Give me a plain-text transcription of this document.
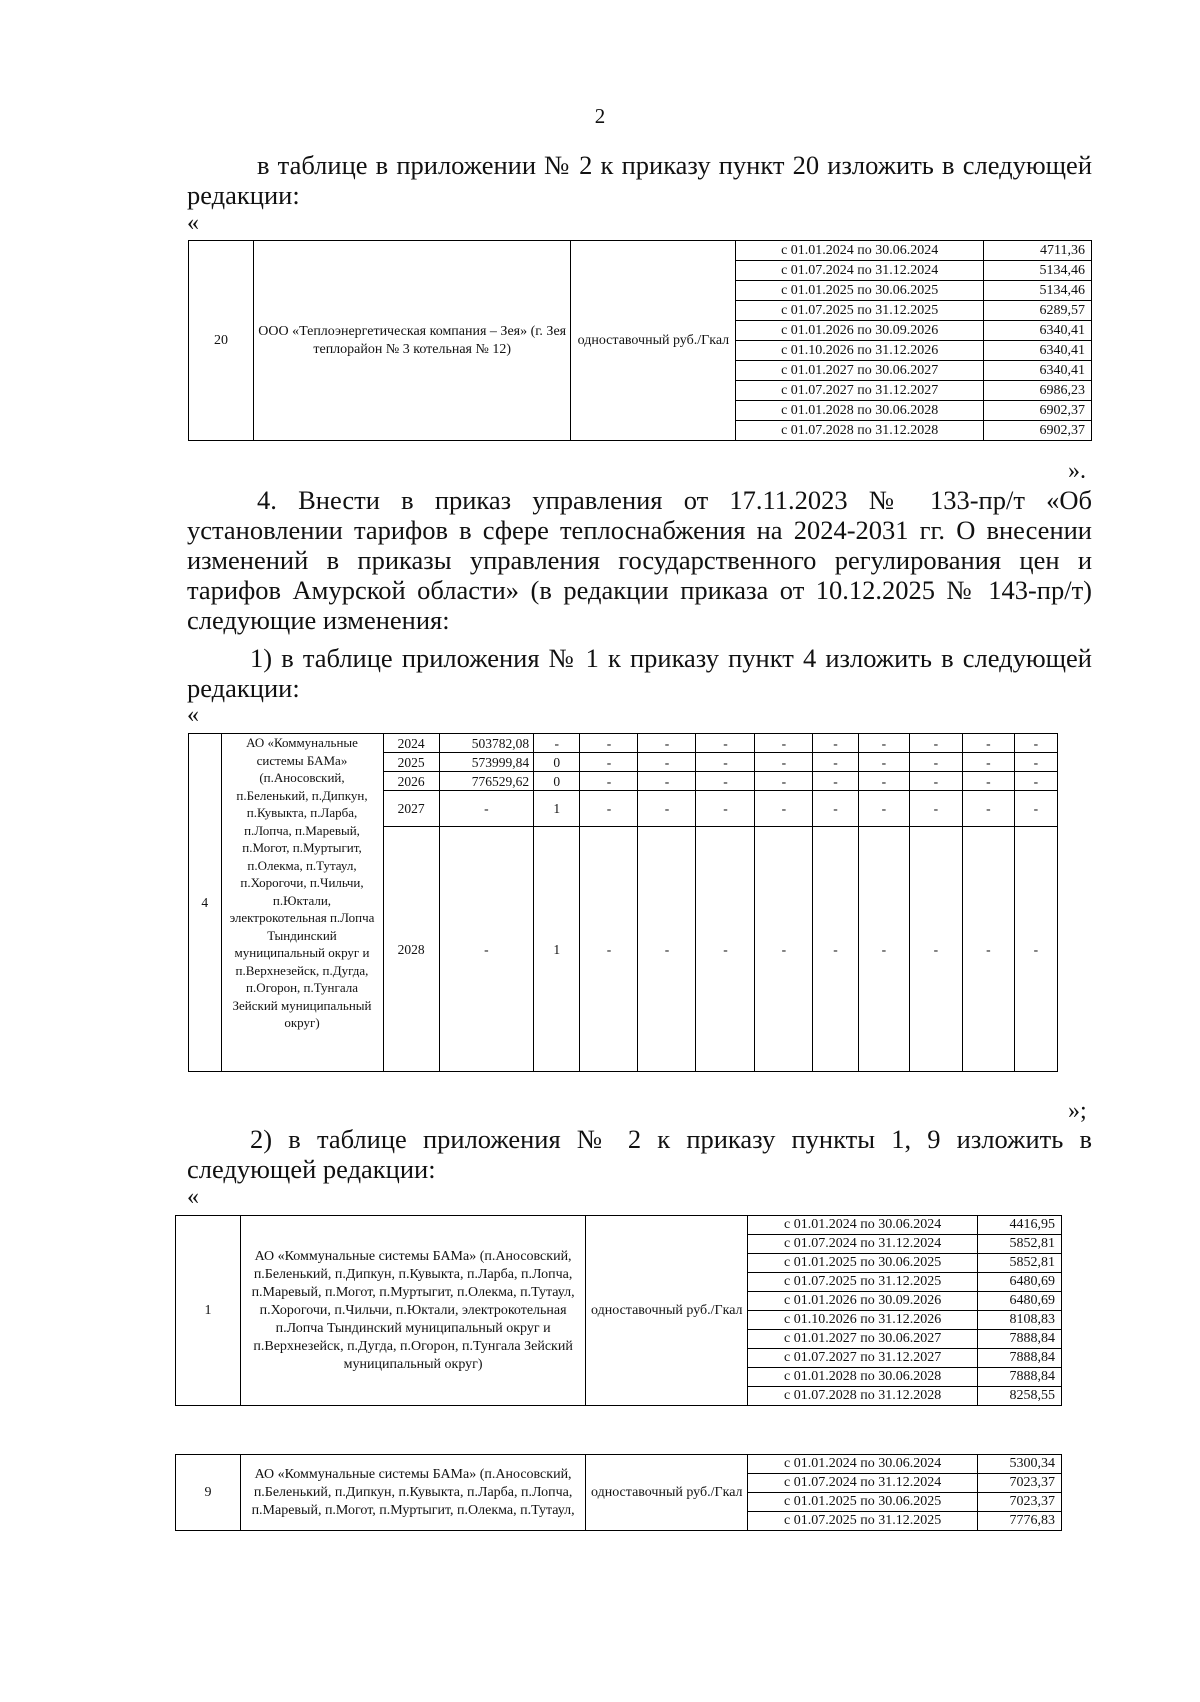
2

в таблице в приложении № 2 к приказу пункт 20 изложить в следующей редакции:

«
20	ООО «Теплоэнергетическая компания – Зея» (г. Зея теплорайон № 3 котельная № 12)	одноставочный руб./Гкал	с 01.01.2024 по 30.06.2024	4711,36
			с 01.07.2024 по 31.12.2024	5134,46
			с 01.01.2025 по 30.06.2025	5134,46
			с 01.07.2025 по 31.12.2025	6289,57
			с 01.01.2026 по 30.09.2026	6340,41
			с 01.10.2026 по 31.12.2026	6340,41
			с 01.01.2027 по 30.06.2027	6340,41
			с 01.07.2027 по 31.12.2027	6986,23
			с 01.01.2028 по 30.06.2028	6902,37
			с 01.07.2028 по 31.12.2028	6902,37
».

4. Внести в приказ управления от 17.11.2023 № 133-пр/т «Об установлении тарифов в сфере теплоснабжения на 2024-2031 гг. О внесении изменений в приказы управления государственного регулирования цен и тарифов Амурской области» (в редакции приказа от 10.12.2025 № 143-пр/т) следующие изменения:

1) в таблице приложения № 1 к приказу пункт 4 изложить в следующей редакции:

«
4	АО «Коммунальные системы БАМа» (п.Аносовский, п.Беленький, п.Дипкун, п.Кувыкта, п.Ларба, п.Лопча, п.Маревый, п.Могот, п.Муртыгит, п.Олекма, п.Тутаул, п.Хорогочи, п.Чильчи, п.Юктали, электрокотельная п.Лопча Тындинский муниципальный округ и п.Верхнезейск, п.Дугда, п.Огорон, п.Тунгала Зейский муниципальный округ)	2024	503782,08	-	-	-	-	-	-	-	-	-	-
		2025	573999,84	0	-	-	-	-	-	-	-	-	-
		2026	776529,62	0	-	-	-	-	-	-	-	-	-
		2027	-	1	-	-	-	-	-	-	-	-	-
		2028	-	1	-	-	-	-	-	-	-	-	-
»;

2) в таблице приложения № 2 к приказу пункты 1, 9 изложить в следующей редакции:

«
1	АО «Коммунальные системы БАМа» (п.Аносовский, п.Беленький, п.Дипкун, п.Кувыкта, п.Ларба, п.Лопча, п.Маревый, п.Могот, п.Муртыгит, п.Олекма, п.Тутаул, п.Хорогочи, п.Чильчи, п.Юктали, электрокотельная п.Лопча Тындинский муниципальный округ и п.Верхнезейск, п.Дугда, п.Огорон, п.Тунгала Зейский муниципальный округ)	одноставочный руб./Гкал	с 01.01.2024 по 30.06.2024	4416,95
			с 01.07.2024 по 31.12.2024	5852,81
			с 01.01.2025 по 30.06.2025	5852,81
			с 01.07.2025 по 31.12.2025	6480,69
			с 01.01.2026 по 30.09.2026	6480,69
			с 01.10.2026 по 31.12.2026	8108,83
			с 01.01.2027 по 30.06.2027	7888,84
			с 01.07.2027 по 31.12.2027	7888,84
			с 01.01.2028 по 30.06.2028	7888,84
			с 01.07.2028 по 31.12.2028	8258,55
9	АО «Коммунальные системы БАМа» (п.Аносовский, п.Беленький, п.Дипкун, п.Кувыкта, п.Ларба, п.Лопча, п.Маревый, п.Могот, п.Муртыгит, п.Олекма, п.Тутаул,	одноставочный руб./Гкал	с 01.01.2024 по 30.06.2024	5300,34
			с 01.07.2024 по 31.12.2024	7023,37
			с 01.01.2025 по 30.06.2025	7023,37
			с 01.07.2025 по 31.12.2025	7776,83
